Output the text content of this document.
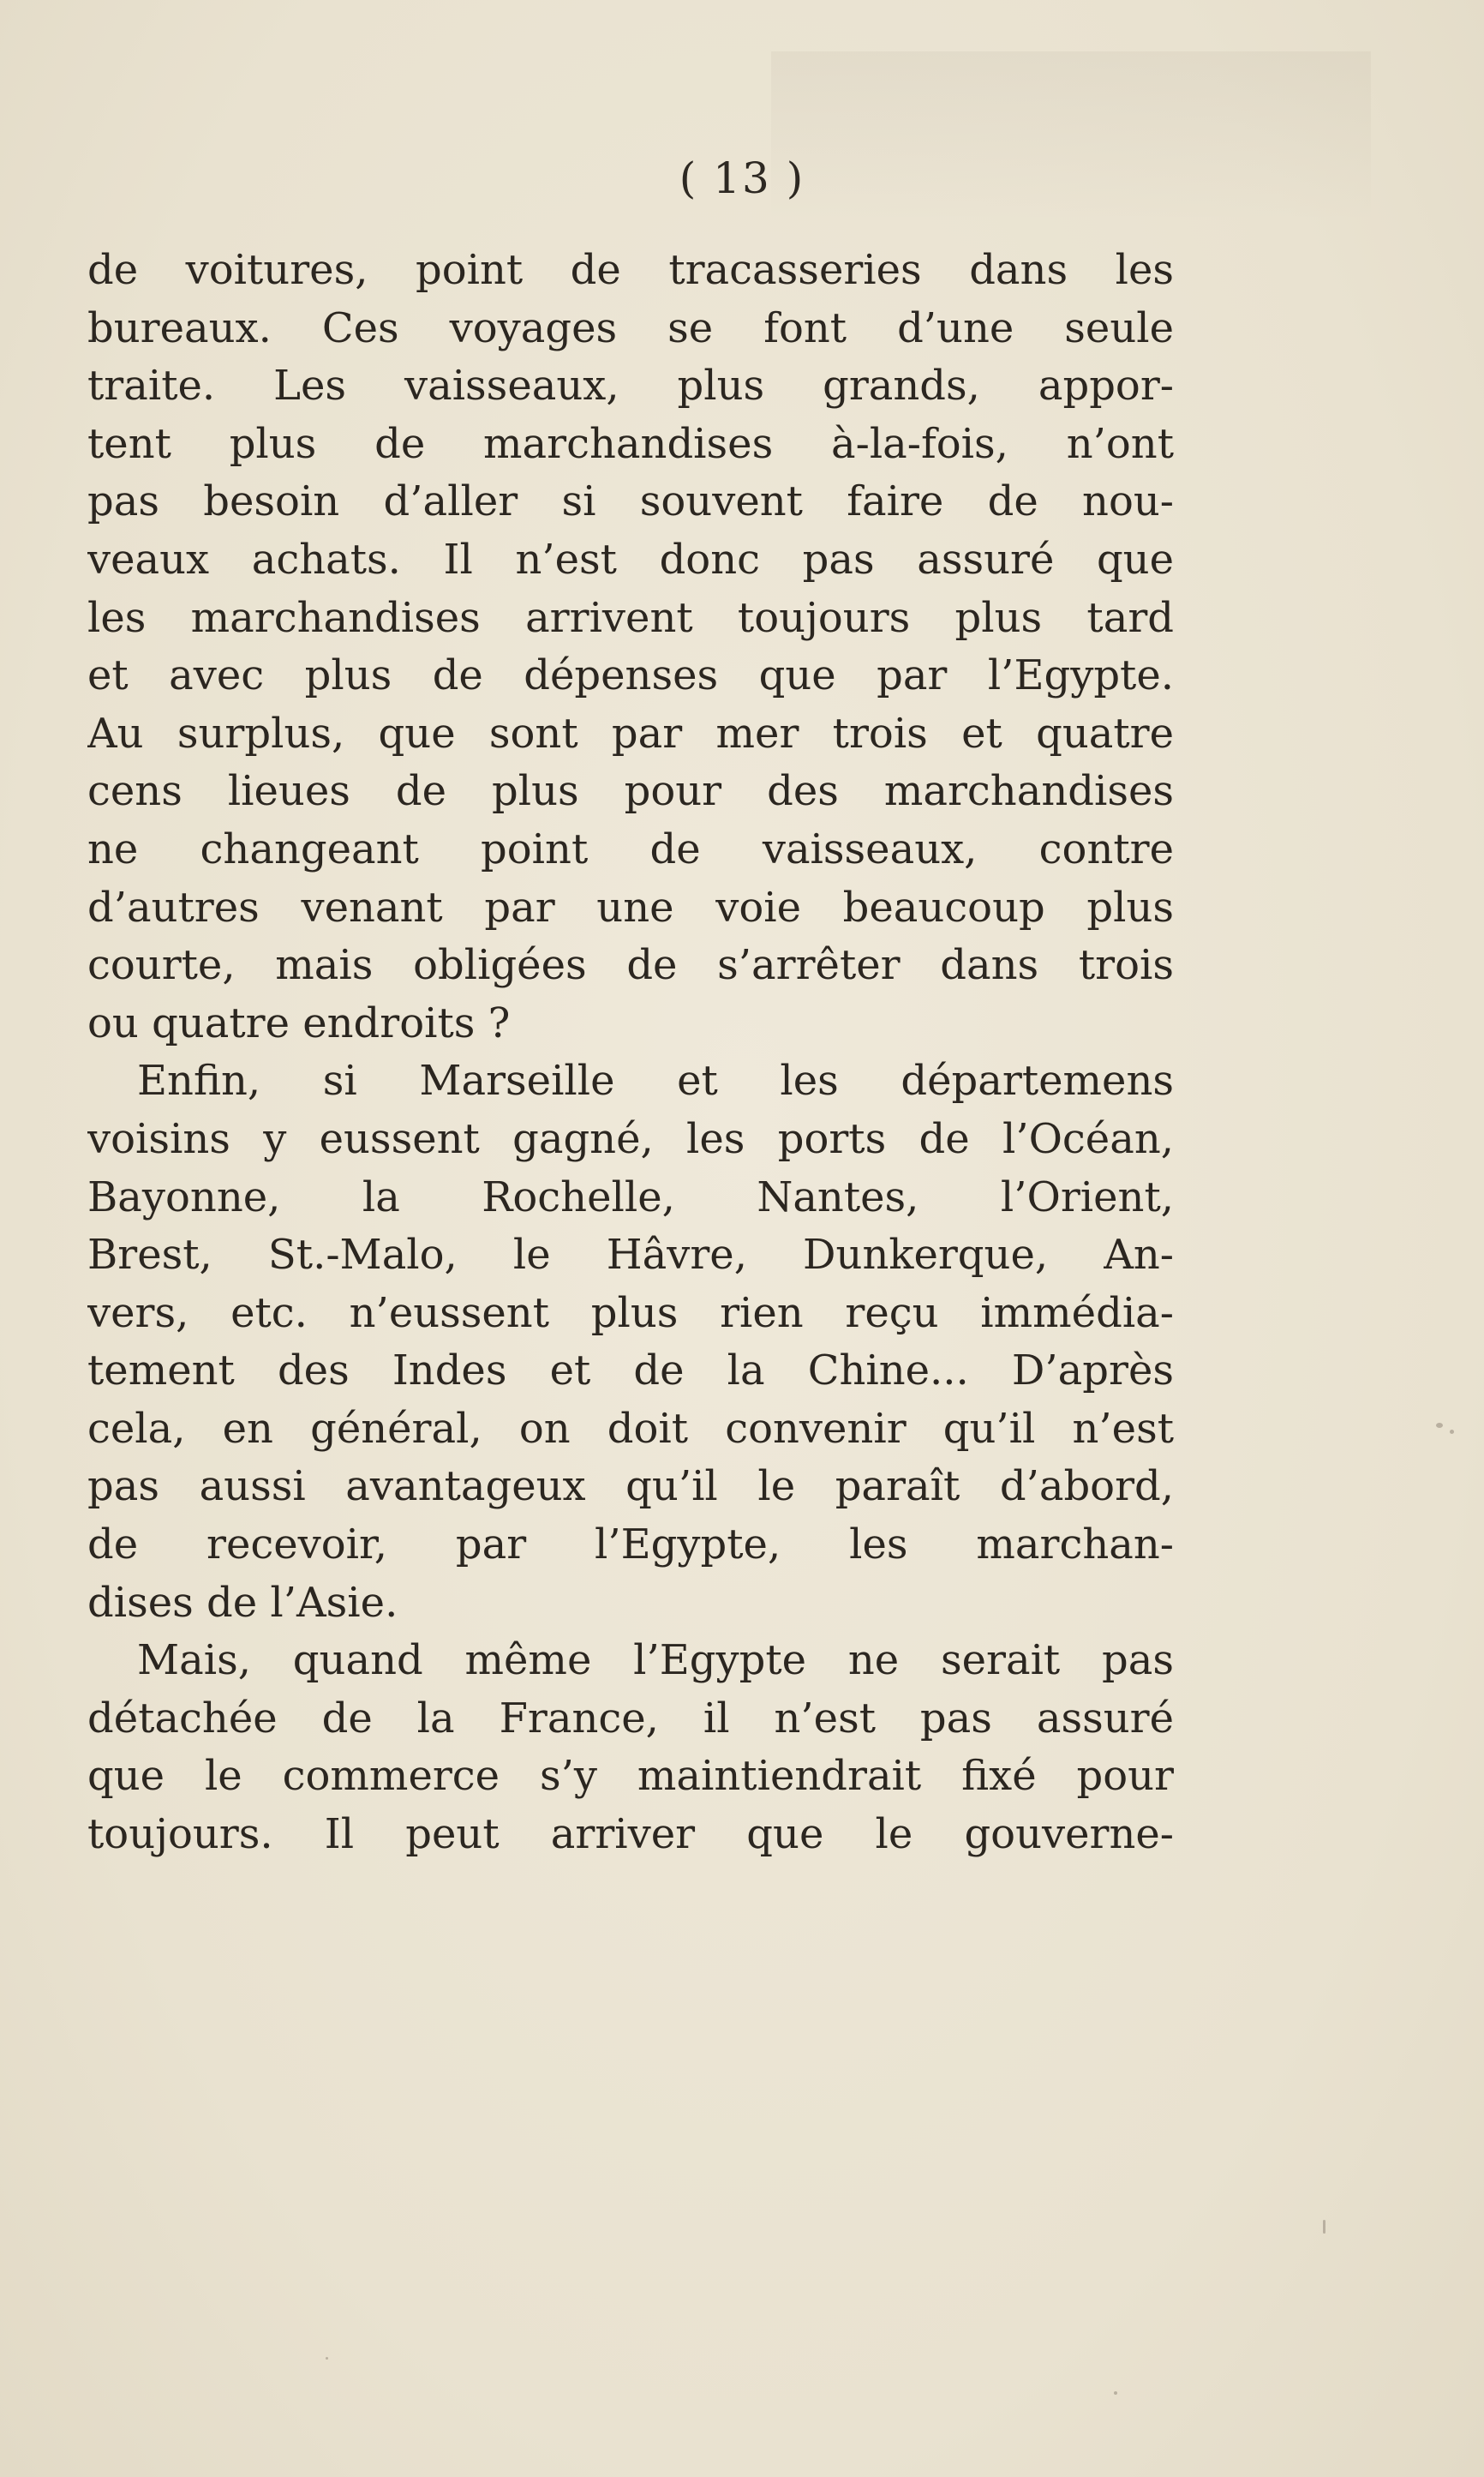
( 13 )
de voitures, point de tracasseries dans les
bureaux. Ces voyages se font d’une seule
traite. Les vaisseaux, plus grands, appor-
tent plus de marchandises à-la-fois, n’ont
pas besoin d’aller si souvent faire de nou-
veaux achats. Il n’est donc pas assuré que
les marchandises arrivent toujours plus tard
et avec plus de dépenses que par l’Egypte.
Au surplus, que sont par mer trois et quatre
cens lieues de plus pour des marchandises
ne changeant point de vaisseaux, contre
d’autres venant par une voie beaucoup plus
courte, mais obligées de s’arrêter dans trois
ou quatre endroits ?
Enfin, si Marseille et les départemens
voisins y eussent gagné, les ports de l’Océan,
Bayonne, la Rochelle, Nantes, l’Orient,
Brest, St.-Malo, le Hâvre, Dunkerque, An-
vers, etc. n’eussent plus rien reçu immédia-
tement des Indes et de la Chine... D’après
cela, en général, on doit convenir qu’il n’est
pas aussi avantageux qu’il le paraît d’abord,
de recevoir, par l’Egypte, les marchan-
dises de l’Asie.
Mais, quand même l’Egypte ne serait pas
détachée de la France, il n’est pas assuré
que le commerce s’y maintiendrait fixé pour
toujours. Il peut arriver que le gouverne-
